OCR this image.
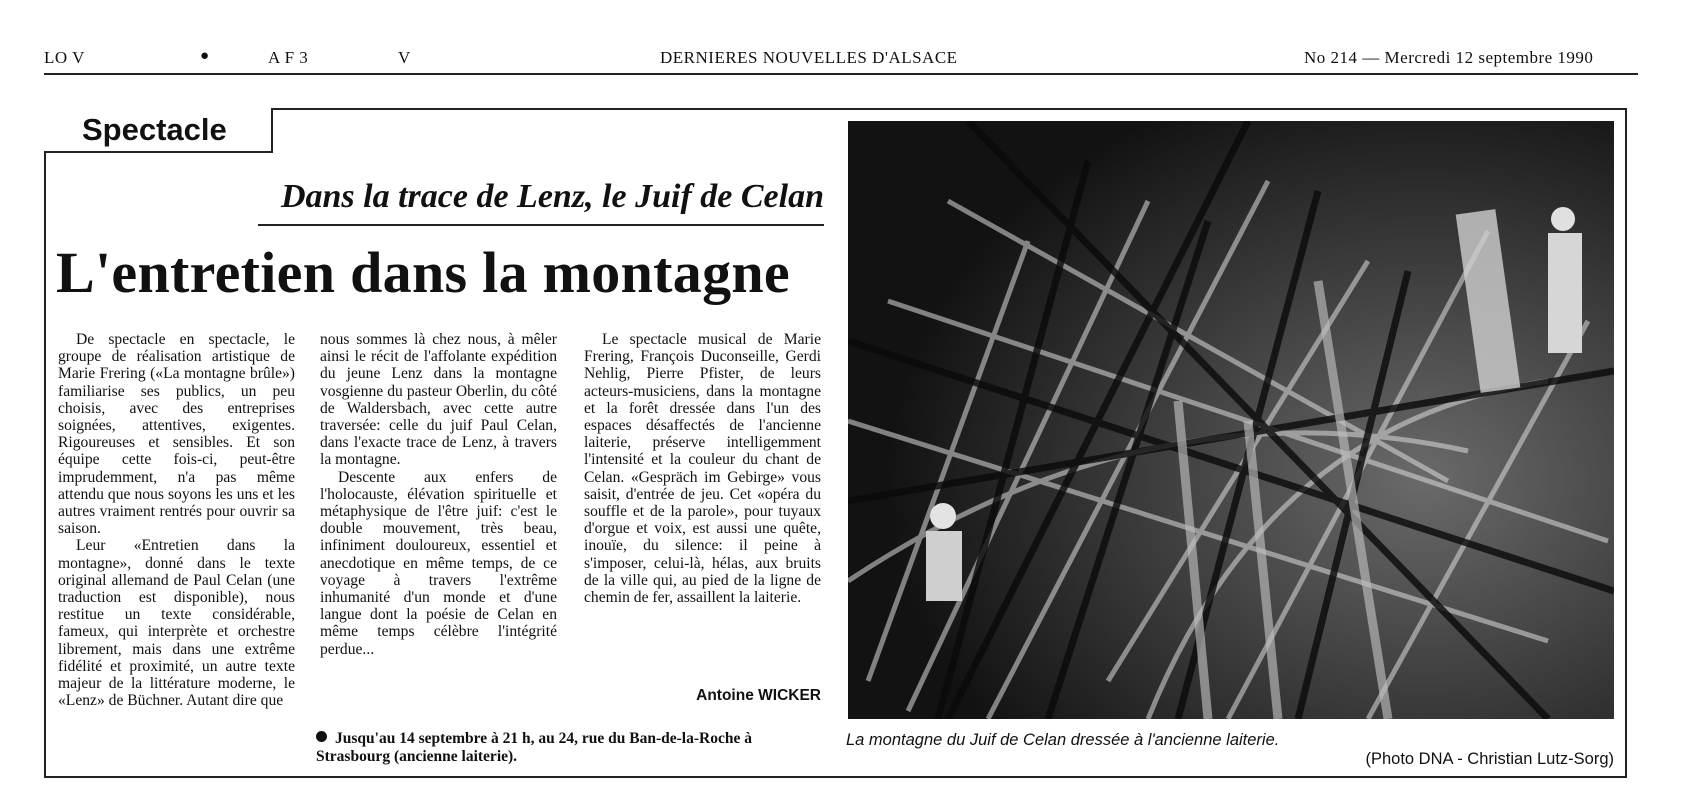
LO V	●	A F 3	V	DERNIERES NOUVELLES D'ALSACE	No 214 — Mercredi 12 septembre 1990
Spectacle
Dans la trace de Lenz, le Juif de Celan
L'entretien dans la montagne

De spectacle en spectacle, le groupe de réalisation artistique de Marie Frering («La montagne brûle») familiarise ses publics, un peu choisis, avec des entreprises soignées, attentives, exigentes. Rigoureuses et sensibles. Et son équipe cette fois-ci, peut-être imprudemment, n'a pas même attendu que nous soyons les uns et les autres vraiment rentrés pour ouvrir sa saison.

Leur «Entretien dans la montagne», donné dans le texte original allemand de Paul Celan (une traduction est disponible), nous restitue un texte considérable, fameux, qui interprète et orchestre librement, mais dans une extrême fidélité et proximité, un autre texte majeur de la littérature moderne, le «Lenz» de Büchner. Autant dire que

nous sommes là chez nous, à mêler ainsi le récit de l'affolante expédition du jeune Lenz dans la montagne vosgienne du pasteur Oberlin, du côté de Waldersbach, avec cette autre traversée: celle du juif Paul Celan, dans l'exacte trace de Lenz, à travers la montagne.

Descente aux enfers de l'holocauste, élévation spirituelle et métaphysique de l'être juif: c'est le double mouvement, très beau, infiniment douloureux, essentiel et anecdotique en même temps, de ce voyage à travers l'extrême inhumanité d'un monde et d'une langue dont la poésie de Celan en même temps célèbre l'intégrité perdue...

Le spectacle musical de Marie Frering, François Duconseille, Gerdi Nehlig, Pierre Pfister, de leurs acteurs-musiciens, dans la montagne et la forêt dressée dans l'un des espaces désaffectés de l'ancienne laiterie, préserve intelligemment l'intensité et la couleur du chant de Celan. «Gespräch im Gebirge» vous saisit, d'entrée de jeu. Cet «opéra du souffle et de la parole», pour tuyaux d'orgue et voix, est aussi une quête, inouïe, du silence: il peine à s'imposer, celui-là, hélas, aux bruits de la ville qui, au pied de la ligne de chemin de fer, assaillent la laiterie.

Antoine WICKER
Jusqu'au 14 septembre à 21 h, au 24, rue du Ban-de-la-Roche à Strasbourg (ancienne laiterie).
La montagne du Juif de Celan dressée à l'ancienne laiterie.
(Photo DNA - Christian Lutz-Sorg)
